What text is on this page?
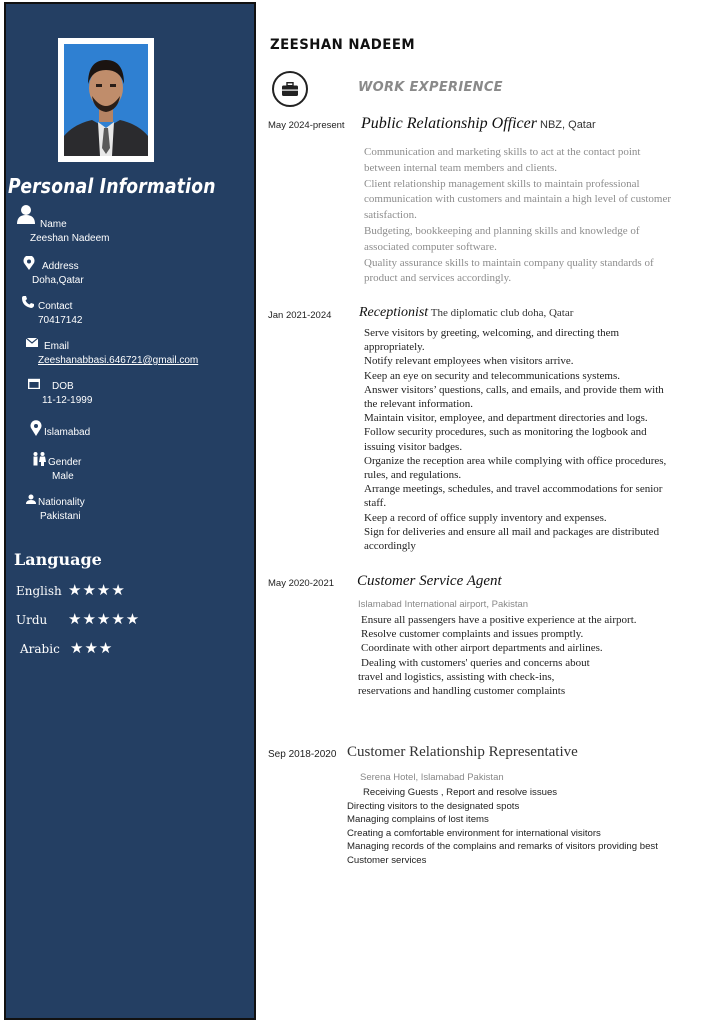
Personal Information
Name
Zeeshan Nadeem
Address
Doha,Qatar
Contact
70417142
Email
Zeeshanabbasi.646721@gmail.com
DOB
11-12-1999
Islamabad
Gender
Male
Nationality
Pakistani
Language
English ★★★★
Urdu ★★★★★
Arabic ★★★
ZEESHAN NADEEM
WORK EXPERIENCE
May 2024-present Public Relationship Officer NBZ, Qatar
Communication and marketing skills to act at the contact point
between internal team members and clients.
Client relationship management skills to maintain professional
communication with customers and maintain a high level of customer
satisfaction.
Budgeting, bookkeeping and planning skills and knowledge of
associated computer software.
Quality assurance skills to maintain company quality standards of
product and services accordingly.
Jan 2021-2024 Receptionist The diplomatic club doha, Qatar
Serve visitors by greeting, welcoming, and directing them
appropriately.
Notify relevant employees when visitors arrive.
Keep an eye on security and telecommunications systems.
Answer visitors’ questions, calls, and emails, and provide them with
the relevant information.
Maintain visitor, employee, and department directories and logs.
Follow security procedures, such as monitoring the logbook and
issuing visitor badges.
Organize the reception area while complying with office procedures,
rules, and regulations.
Arrange meetings, schedules, and travel accommodations for senior
staff.
Keep a record of office supply inventory and expenses.
Sign for deliveries and ensure all mail and packages are distributed
accordingly
May 2020-2021 Customer Service Agent
Islamabad International airport, Pakistan
Ensure all passengers have a positive experience at the airport.
Resolve customer complaints and issues promptly.
Coordinate with other airport departments and airlines.
Dealing with customers' queries and concerns about
travel and logistics, assisting with check-ins,
reservations and handling customer complaints
Sep 2018-2020 Customer Relationship Representative
Serena Hotel, Islamabad Pakistan
Receiving Guests , Report and resolve issues
Directing visitors to the designated spots
Managing complains of lost items
Creating a comfortable environment for international visitors
Managing records of the complains and remarks of visitors providing best
Customer services
